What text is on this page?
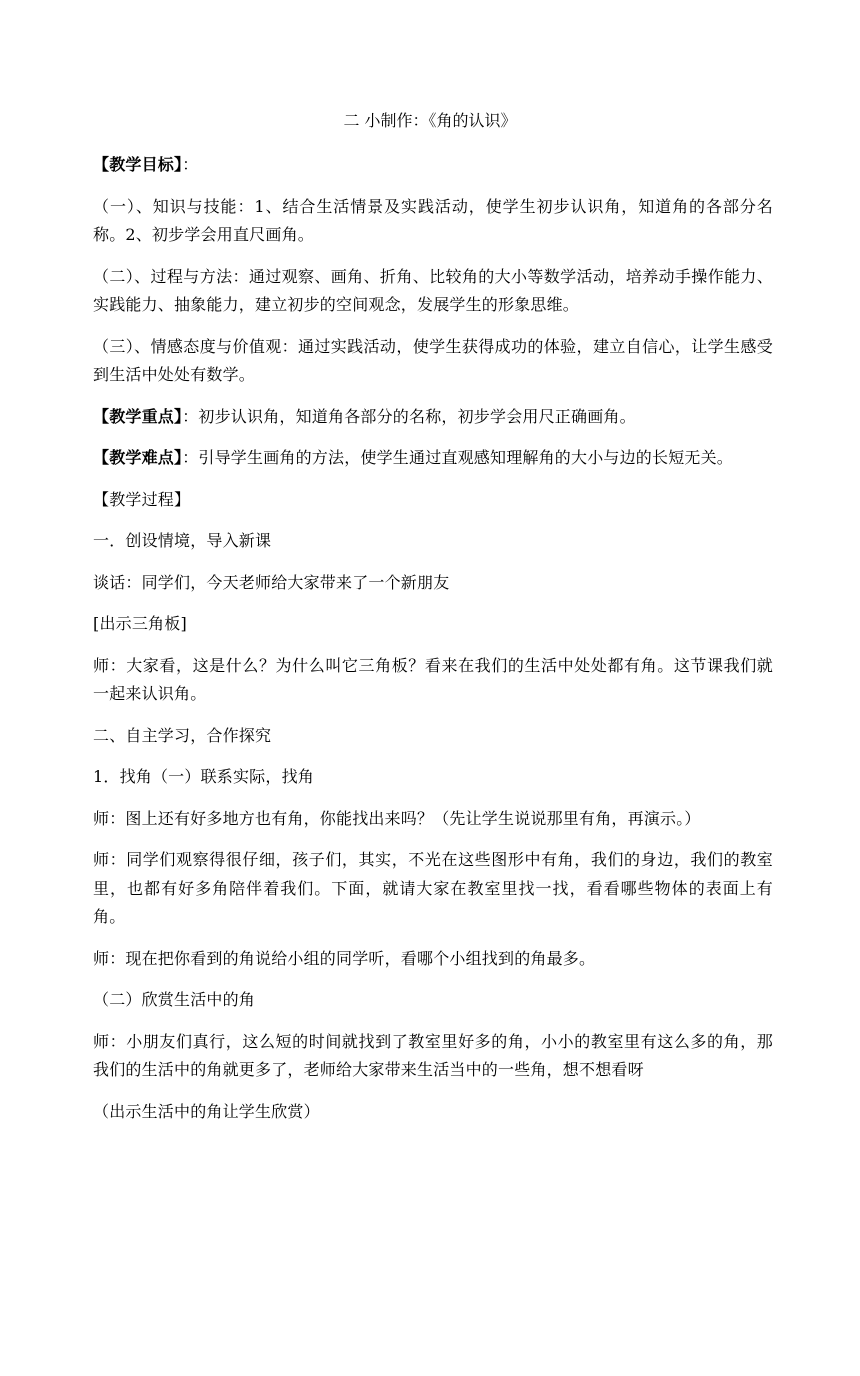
二 小制作：《角的认识》

【教学目标】：

（一）、知识与技能：1、结合生活情景及实践活动，使学生初步认识角，知道角的各部分名称。2、初步学会用直尺画角。

（二）、过程与方法：通过观察、画角、折角、比较角的大小等数学活动，培养动手操作能力、实践能力、抽象能力，建立初步的空间观念，发展学生的形象思维。

（三）、情感态度与价值观：通过实践活动，使学生获得成功的体验，建立自信心，让学生感受到生活中处处有数学。

【教学重点】：初步认识角，知道角各部分的名称，初步学会用尺正确画角。

【教学难点】：引导学生画角的方法，使学生通过直观感知理解角的大小与边的长短无关。

【教学过程】

一．创设情境，导入新课

谈话：同学们，今天老师给大家带来了一个新朋友

[出示三角板]

师：大家看，这是什么？为什么叫它三角板？看来在我们的生活中处处都有角。这节课我们就一起来认识角。

二、自主学习，合作探究

1．找角（一）联系实际，找角

师：图上还有好多地方也有角，你能找出来吗？（先让学生说说那里有角，再演示。）

师：同学们观察得很仔细，孩子们，其实，不光在这些图形中有角，我们的身边，我们的教室里，也都有好多角陪伴着我们。下面，就请大家在教室里找一找，看看哪些物体的表面上有角。

师：现在把你看到的角说给小组的同学听，看哪个小组找到的角最多。

（二）欣赏生活中的角

师：小朋友们真行，这么短的时间就找到了教室里好多的角，小小的教室里有这么多的角，那我们的生活中的角就更多了，老师给大家带来生活当中的一些角，想不想看呀

（出示生活中的角让学生欣赏）
